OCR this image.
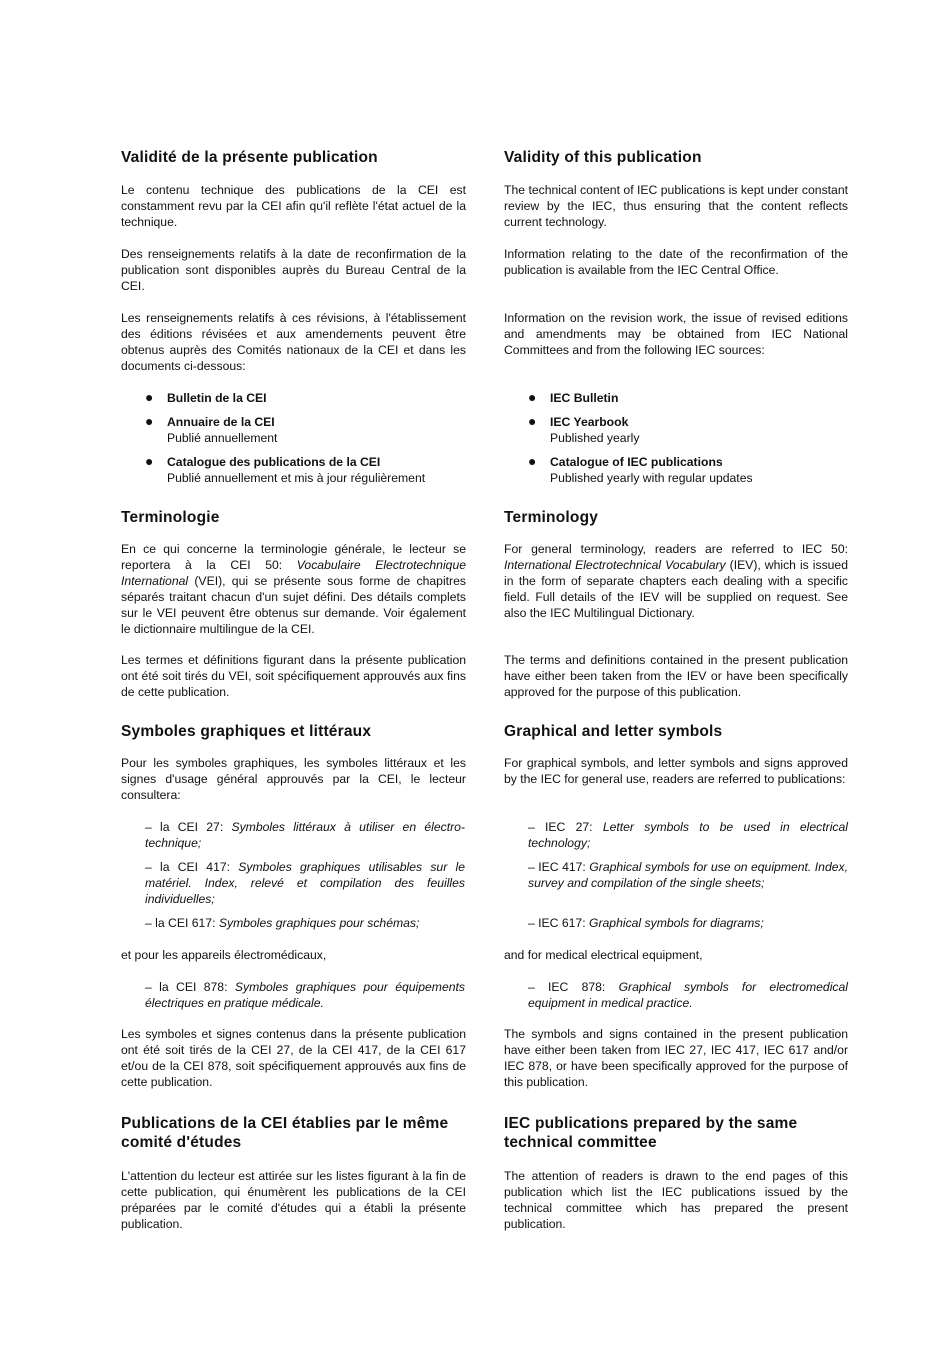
Validité de la présente publication

Le contenu technique des publications de la CEI est constamment revu par la CEI afin qu'il reflète l'état actuel de la technique.

Des renseignements relatifs à la date de reconfirmation de la publication sont disponibles auprès du Bureau Central de la CEI.

Les renseignements relatifs à ces révisions, à l'établissement des éditions révisées et aux amendements peuvent être obtenus auprès des Comités nationaux de la CEI et dans les documents ci-dessous:

● Bulletin de la CEI
● Annuaire de la CEI
Publié annuellement
● Catalogue des publications de la CEI
Publié annuellement et mis à jour régulièrement
Terminologie

En ce qui concerne la terminologie générale, le lecteur se reportera à la CEI 50: Vocabulaire Electrotechnique International (VEI), qui se présente sous forme de chapitres séparés traitant chacun d'un sujet défini. Des détails complets sur le VEI peuvent être obtenus sur demande. Voir également le dictionnaire multilingue de la CEI.

Les termes et définitions figurant dans la présente publication ont été soit tirés du VEI, soit spécifiquement approuvés aux fins de cette publication.

Symboles graphiques et littéraux

Pour les symboles graphiques, les symboles littéraux et les signes d'usage général approuvés par la CEI, le lecteur consultera:

– la CEI 27: Symboles littéraux à utiliser en électro-technique;
– la CEI 417: Symboles graphiques utilisables sur le matériel. Index, relevé et compilation des feuilles individuelles;
– la CEI 617: Symboles graphiques pour schémas;

et pour les appareils électromédicaux,

– la CEI 878: Symboles graphiques pour équipements électriques en pratique médicale.

Les symboles et signes contenus dans la présente publication ont été soit tirés de la CEI 27, de la CEI 417, de la CEI 617 et/ou de la CEI 878, soit spécifiquement approuvés aux fins de cette publication.

Publications de la CEI établies par le même comité d'études

L'attention du lecteur est attirée sur les listes figurant à la fin de cette publication, qui énumèrent les publications de la CEI préparées par le comité d'études qui a établi la présente publication.

Validity of this publication

The technical content of IEC publications is kept under constant review by the IEC, thus ensuring that the content reflects current technology.

Information relating to the date of the reconfirmation of the publication is available from the IEC Central Office.

Information on the revision work, the issue of revised editions and amendments may be obtained from IEC National Committees and from the following IEC sources:

● IEC Bulletin
● IEC Yearbook
Published yearly
● Catalogue of IEC publications
Published yearly with regular updates
Terminology

For general terminology, readers are referred to IEC 50: International Electrotechnical Vocabulary (IEV), which is issued in the form of separate chapters each dealing with a specific field. Full details of the IEV will be supplied on request. See also the IEC Multilingual Dictionary.

The terms and definitions contained in the present publication have either been taken from the IEV or have been specifically approved for the purpose of this publication.

Graphical and letter symbols

For graphical symbols, and letter symbols and signs approved by the IEC for general use, readers are referred to publications:

– IEC 27: Letter symbols to be used in electrical technology;
– IEC 417: Graphical symbols for use on equipment. Index, survey and compilation of the single sheets;
– IEC 617: Graphical symbols for diagrams;

and for medical electrical equipment,

– IEC 878: Graphical symbols for electromedical equipment in medical practice.

The symbols and signs contained in the present publication have either been taken from IEC 27, IEC 417, IEC 617 and/or IEC 878, or have been specifically approved for the purpose of this publication.

IEC publications prepared by the same technical committee

The attention of readers is drawn to the end pages of this publication which list the IEC publications issued by the technical committee which has prepared the present publication.
